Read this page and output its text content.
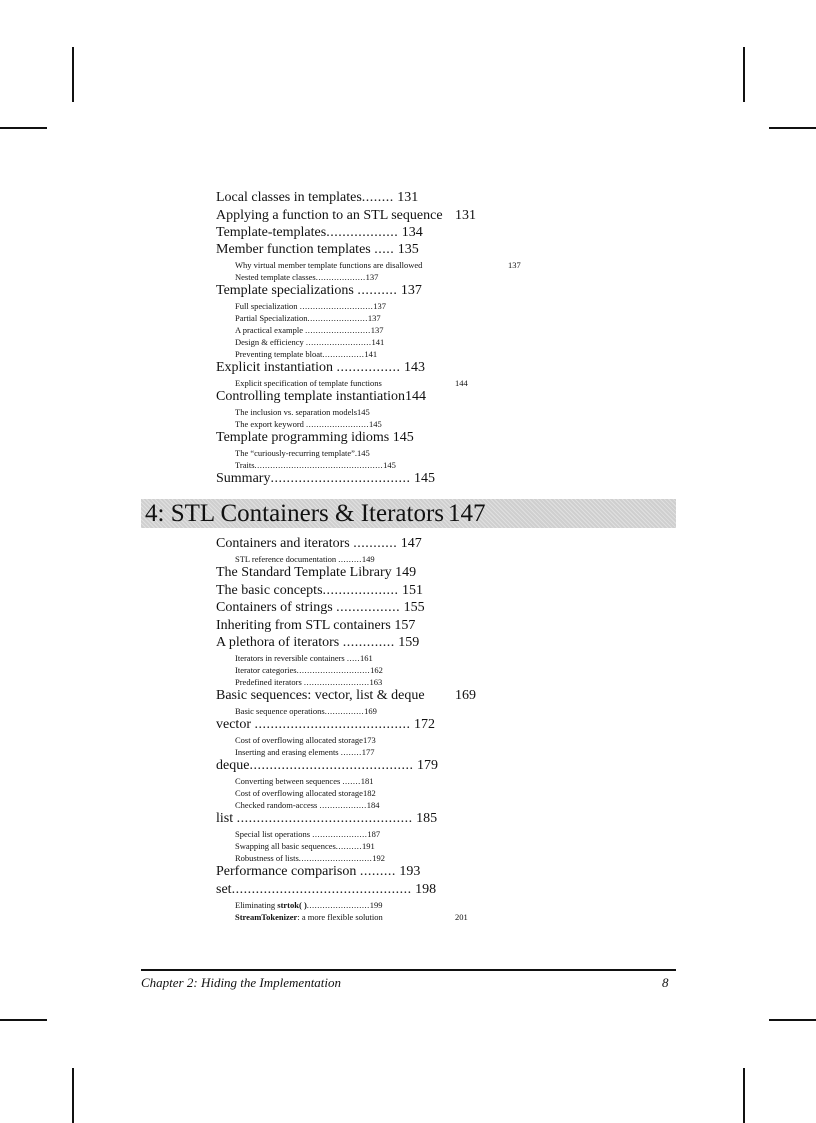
Local classes in templates........ 131
Applying a function to an STL sequence 131
Template-templates.................. 134
Member function templates ..... 135
Why virtual member template functions are disallowed	137
Nested template classes...................137
Template specializations .......... 137
Full specialization ............................137
Partial Specialization.......................137
A practical example .........................137
Design & efficiency .........................141
Preventing template bloat................141
Explicit instantiation ................ 143
Explicit specification of template functions	144
Controlling template instantiation144
The inclusion vs. separation models145
The export keyword ........................145
Template programming idioms 145
The “curiously-recurring template”.145
Traits.................................................145
Summary................................... 145
4: STL Containers & Iterators 147
Containers and iterators ........... 147
STL reference documentation .........149
The Standard Template Library 149
The basic concepts................... 151
Containers of strings ................ 155
Inheriting from STL containers 157
A plethora of iterators ............. 159
Iterators in reversible containers .....161
Iterator categories............................162
Predefined iterators .........................163
Basic sequences: vector, list & deque 169
Basic sequence operations...............169
vector ....................................... 172
Cost of overflowing allocated storage173
Inserting and erasing elements ........177
deque......................................... 179
Converting between sequences .......181
Cost of overflowing allocated storage182
Checked random-access ..................184
list ............................................ 185
Special list operations .....................187
Swapping all basic sequences..........191
Robustness of lists............................192
Performance comparison ......... 193
set............................................. 198
Eliminating strtok( )........................199
StreamTokenizer: a more flexible solution	201
Chapter 2: Hiding the Implementation	8
